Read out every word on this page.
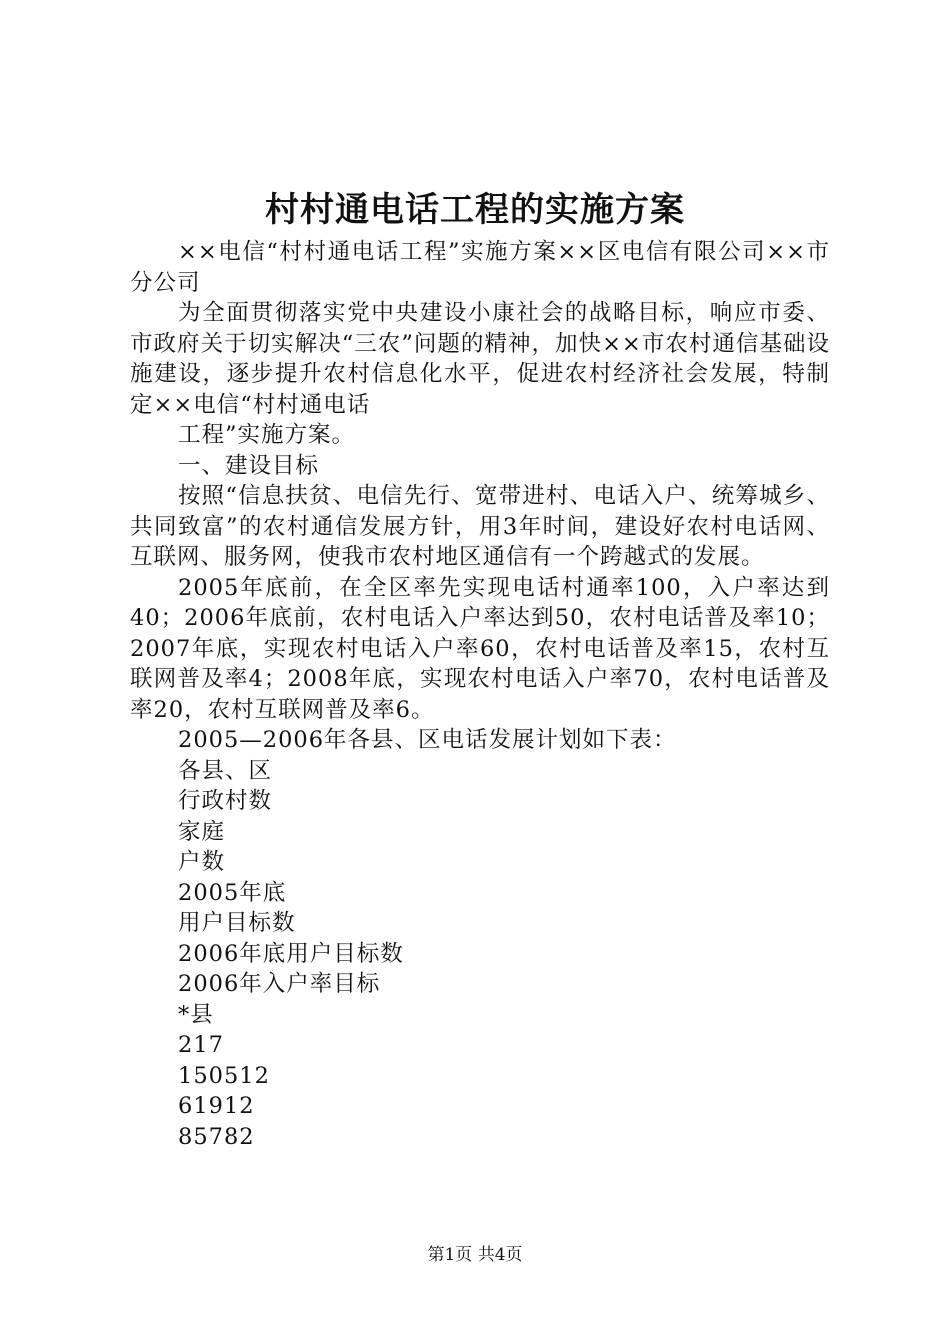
村村通电话工程的实施方案

××电信“村村通电话工程”实施方案××区电信有限公司××市分公司

为全面贯彻落实党中央建设小康社会的战略目标，响应市委、市政府关于切实解决“三农”问题的精神，加快××市农村通信基础设施建设，逐步提升农村信息化水平，促进农村经济社会发展，特制定××电信“村村通电话

工程”实施方案。

一、建设目标

按照“信息扶贫、电信先行、宽带进村、电话入户、统筹城乡、共同致富”的农村通信发展方针，用3年时间，建设好农村电话网、互联网、服务网，使我市农村地区通信有一个跨越式的发展。

2005年底前，在全区率先实现电话村通率100，入户率达到40；2006年底前，农村电话入户率达到50，农村电话普及率10；2007年底，实现农村电话入户率60，农村电话普及率15，农村互联网普及率4；2008年底，实现农村电话入户率70，农村电话普及率20，农村互联网普及率6。

2005—2006年各县、区电话发展计划如下表：

各县、区

行政村数

家庭

户数

2005年底

用户目标数

2006年底用户目标数

2006年入户率目标

*县

217

150512

61912

85782

第1页 共4页
